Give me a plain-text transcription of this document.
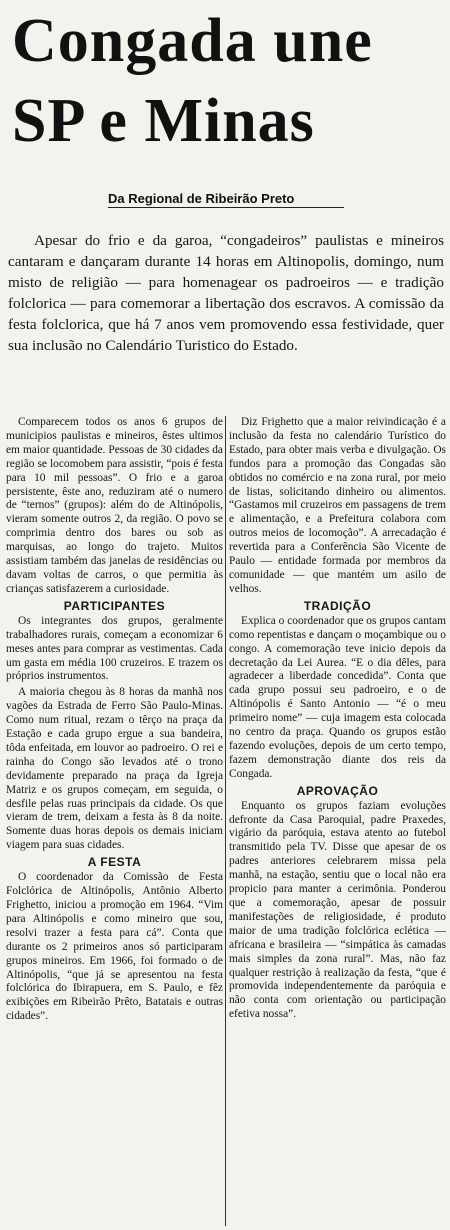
Congada une
SP e Minas
Da Regional de Ribeirão Preto

Apesar do frio e da garoa, “congadeiros” paulistas e mineiros cantaram e dançaram durante 14 horas em Altinopolis, domingo, num misto de religião — para homenagear os padroeiros — e tradição folclorica — para comemorar a libertação dos escravos. A comissão da festa folclorica, que há 7 anos vem promovendo essa festividade, quer sua inclusão no Calendário Turistico do Estado.

Comparecem todos os anos 6 grupos de municipios paulistas e mineiros, êstes ultimos em maior quantidade. Pessoas de 30 cidades da região se locomobem para assistir, “pois é festa para 10 mil pessoas”. O frio e a garoa persistente, êste ano, reduziram até o numero de “ternos” (grupos): além do de Altinópolis, vieram somente outros 2, da região. O povo se comprimia dentro dos bares ou sob as marquisas, ao longo do trajeto. Muitos assistiam também das janelas de residências ou davam voltas de carros, o que permitia às crianças satisfazerem a curiosidade.

PARTICIPANTES

Os integrantes dos grupos, geralmente trabalhadores rurais, começam a economizar 6 meses antes para comprar as vestimentas. Cada um gasta em média 100 cruzeiros. E trazem os próprios instrumentos.

A maioria chegou às 8 horas da manhã nos vagões da Estrada de Ferro São Paulo-Minas. Como num ritual, rezam o têrço na praça da Estação e cada grupo ergue a sua bandeira, tôda enfeitada, em louvor ao padroeiro. O rei e rainha do Congo são levados até o trono devidamente preparado na praça da Igreja Matriz e os grupos começam, em seguida, o desfile pelas ruas principais da cidade. Os que vieram de trem, deixam a festa às 8 da noite. Somente duas horas depois os demais iniciam viagem para suas cidades.

A FESTA

O coordenador da Comissão de Festa Folclórica de Altinópolis, Antônio Alberto Frighetto, iniciou a promoção em 1964. “Vim para Altinópolis e como mineiro que sou, resolvi trazer a festa para cá”. Conta que durante os 2 primeiros anos só participaram grupos mineiros. Em 1966, foi formado o de Altinópolis, “que já se apresentou na festa folclórica do Ibirapuera, em S. Paulo, e fêz exibições em Ribeirão Prêto, Batatais e outras cidades”.

Diz Frighetto que a maior reivindicação é a inclusão da festa no calendário Turístico do Estado, para obter mais verba e divulgação. Os fundos para a promoção das Congadas são obtidos no comércio e na zona rural, por meio de listas, solicitando dinheiro ou alimentos. “Gastamos mil cruzeiros em passagens de trem e alimentação, e a Prefeitura colabora com outros meios de locomoção”. A arrecadação é revertida para a Conferência São Vicente de Paulo — entidade formada por membros da comunidade — que mantém um asilo de velhos.

TRADIÇÃO

Explica o coordenador que os grupos cantam como repentistas e dançam o moçambique ou o congo. A comemoração teve inicio depois da decretação da Lei Aurea. “E o dia dêles, para agradecer a liberdade concedida”. Conta que cada grupo possui seu padroeiro, e o de Altinópolis é Santo Antonio — “é o meu primeiro nome” — cuja imagem esta colocada no centro da praça. Quando os grupos estão fazendo evoluções, depois de um certo tempo, fazem demonstração diante dos reis da Congada.

APROVAÇÃO

Enquanto os grupos faziam evoluções defronte da Casa Paroquial, padre Praxedes, vigário da paróquia, estava atento ao futebol transmitido pela TV. Disse que apesar de os padres anteriores celebrarem missa pela manhã, na estação, sentiu que o local não era propicio para manter a cerimônia. Ponderou que a comemoração, apesar de possuir manifestações de religiosidade, é produto maior de uma tradição folclórica eclética — africana e brasileira — “simpática às camadas mais simples da zona rural”. Mas, não faz qualquer restrição à realização da festa, “que é promovida independentemente da paróquia e não conta com orientação ou participação efetiva nossa”.
